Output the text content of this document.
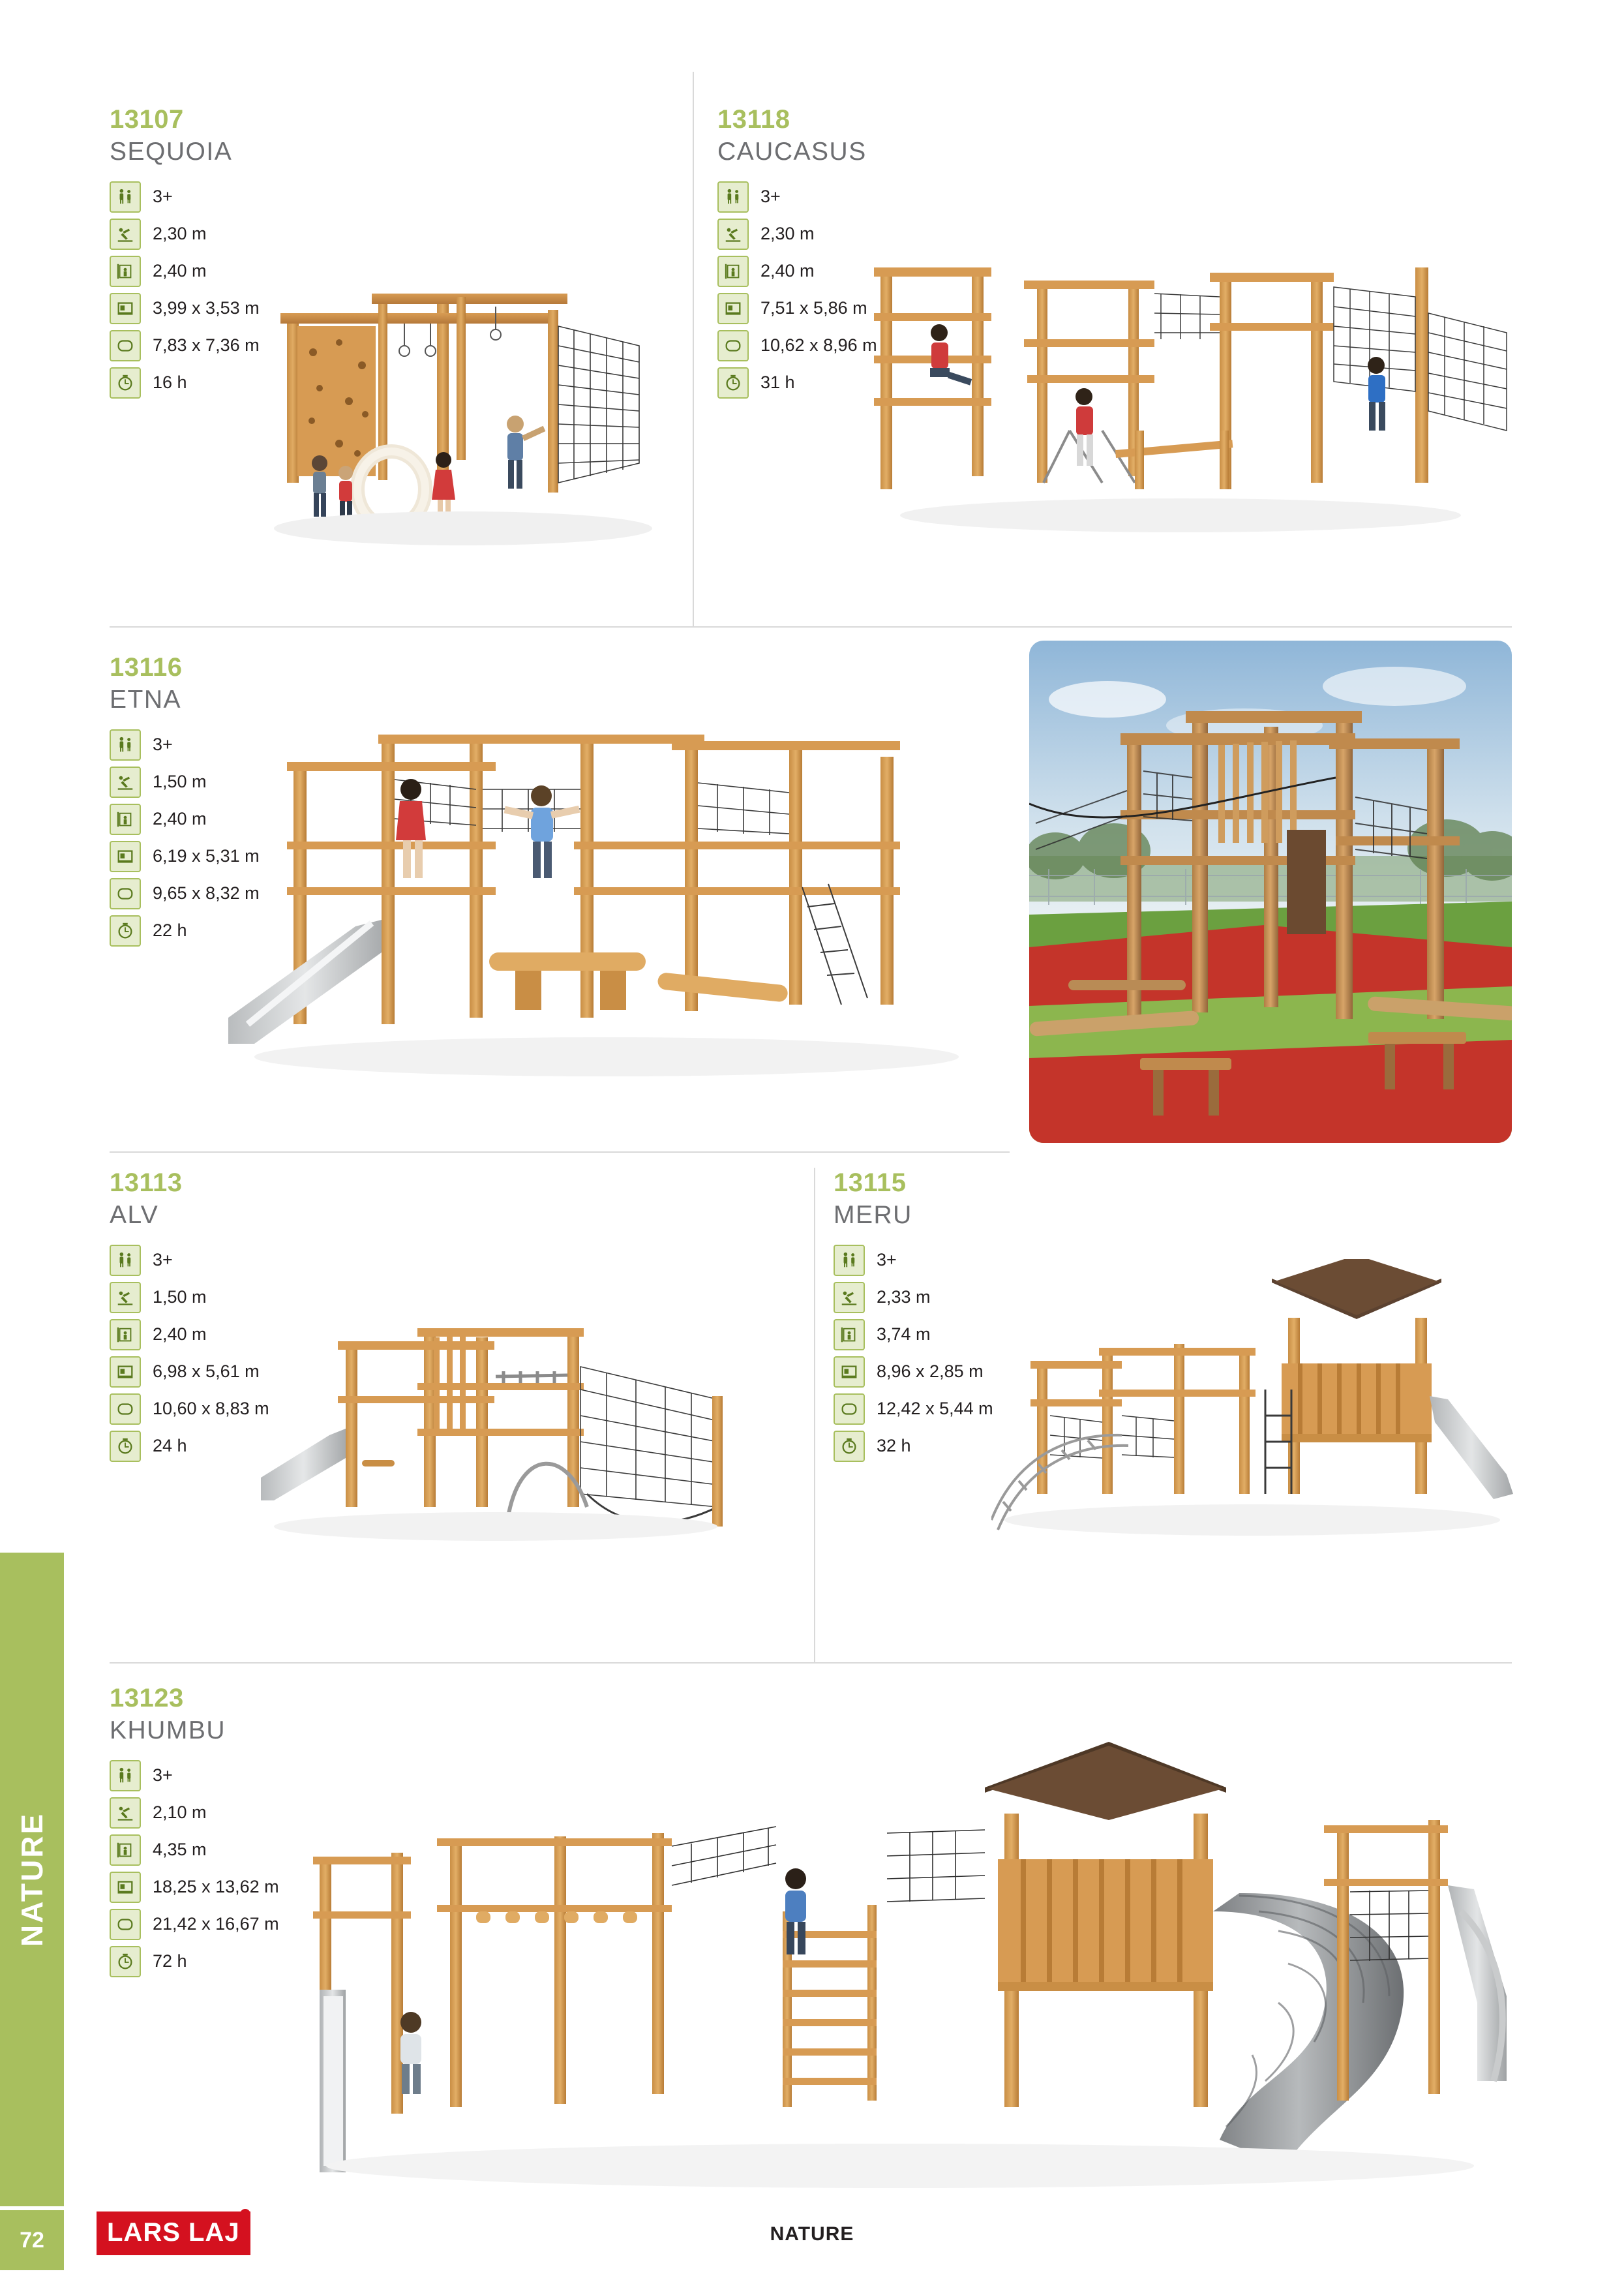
13107
SEQUOIA
3+
2,30 m
2,40 m
3,99 x 3,53 m
7,83 x 7,36 m
16 h
13118
CAUCASUS
3+
2,30 m
2,40 m
7,51 x 5,86 m
10,62 x 8,96 m
31 h
13116
ETNA
3+
1,50 m
2,40 m
6,19 x 5,31 m
9,65 x 8,32 m
22 h
13113
ALV
3+
1,50 m
2,40 m
6,98 x 5,61 m
10,60 x 8,83 m
24 h
13115
MERU
3+
2,33 m
3,74 m
8,96 x 2,85 m
12,42 x 5,44 m
32 h
13123
KHUMBU
3+
2,10 m
4,35 m
18,25 x 13,62 m
21,42 x 16,67 m
72 h
NATURE
72	LARS LAJ	NATURE
